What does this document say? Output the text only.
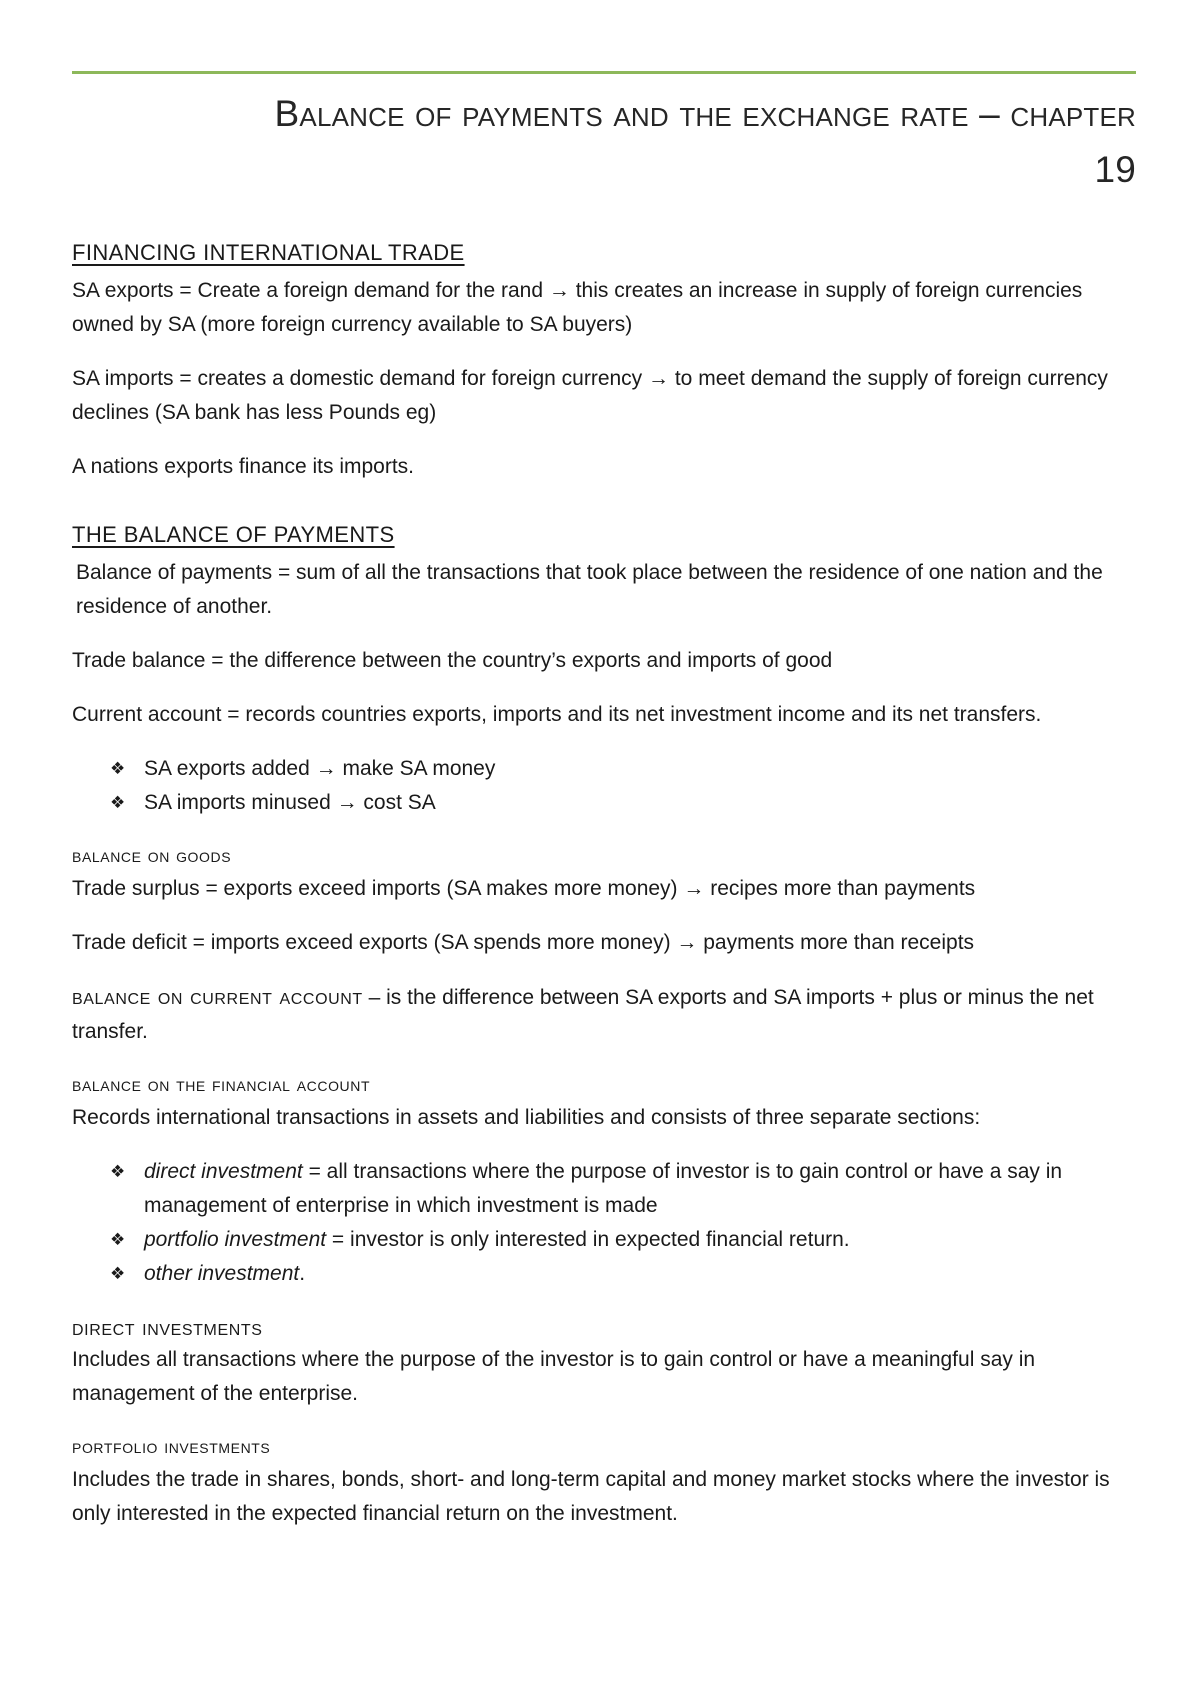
Balance of payments and the exchange rate – chapter
19
FINANCING INTERNATIONAL TRADE

SA exports = Create a foreign demand for the rand → this creates an increase in supply of foreign currencies owned by SA (more foreign currency available to SA buyers)

SA imports = creates a domestic demand for foreign currency → to meet demand the supply of foreign currency declines (SA bank has less Pounds eg)

A nations exports finance its imports.

THE BALANCE OF PAYMENTS

Balance of payments = sum of all the transactions that took place between the residence of one nation and the residence of another.

Trade balance = the difference between the country’s exports and imports of good

Current account = records countries exports, imports and its net investment income and its net transfers.

❖ SA exports added → make SA money
❖ SA imports minused → cost SA
balance on goods

Trade surplus = exports exceed imports (SA makes more money) → recipes more than payments

Trade deficit = imports exceed exports (SA spends more money) → payments more than receipts

balance on current account – is the difference between SA exports and SA imports + plus or minus the net transfer.

balance on the financial account

Records international transactions in assets and liabilities and consists of three separate sections:

❖ direct investment = all transactions where the purpose of investor is to gain control or have a say in management of enterprise in which investment is made
❖ portfolio investment = investor is only interested in expected financial return.
❖ other investment.
direct investments

Includes all transactions where the purpose of the investor is to gain control or have a meaningful say in management of the enterprise.

portfolio investments

Includes the trade in shares, bonds, short- and long-term capital and money market stocks where the investor is only interested in the expected financial return on the investment.
